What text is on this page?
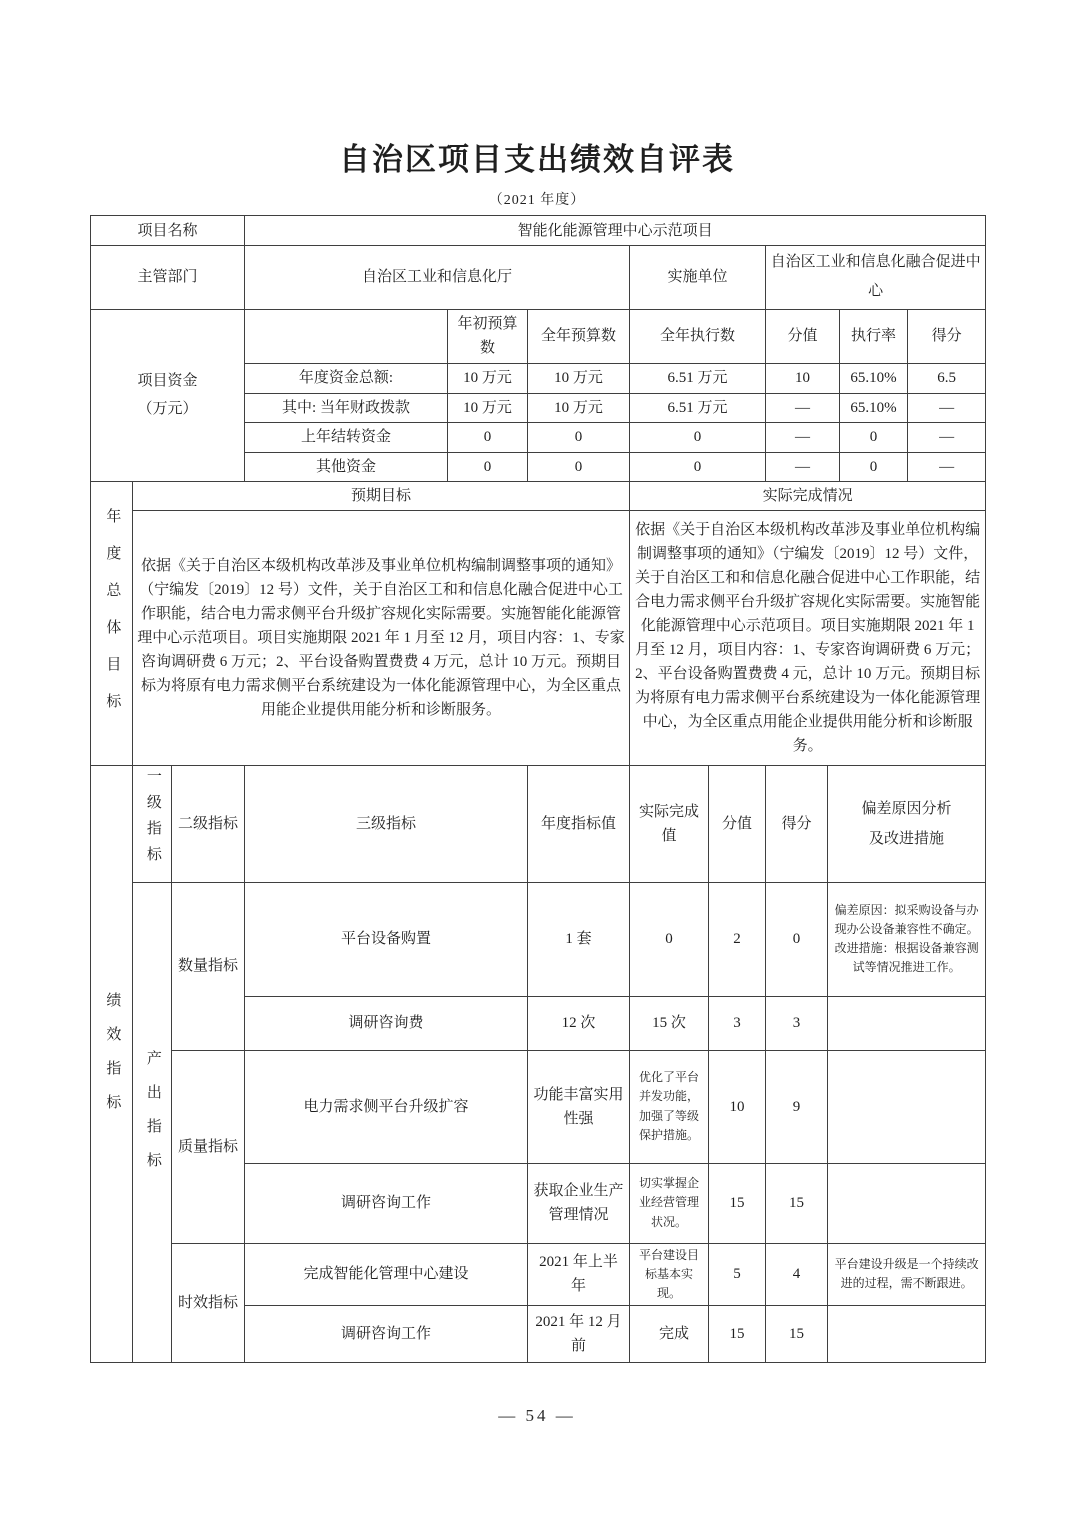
自治区项目支出绩效自评表
（2021 年度）
项目名称			智能化能源管理中心示范项目								
主管部门			自治区工业和信息化厅			实施单位		自治区工业和信息化融合促进中心			

项目资金（万元）				年初预算数	全年预算数	全年执行数		分值		执行率	得分
			年度资金总额:	10 万元	10 万元	6.51 万元		10		65.10%	6.5
			其中: 当年财政拨款	10 万元	10 万元	6.51 万元		—		65.10%	—
			上年结转资金	0	0	0		—		0	—
			其他资金	0	0	0		—		0	—
年度总体目标	预期目标					实际完成情况					
依据《关于自治区本级机构改革涉及事业单位机构编制调整事项的通知》（宁编发〔2019〕12 号）文件，关于自治区工和和信息化融合促进中心工作职能，结合电力需求侧平台升级扩容规化实际需要。实施智能化能源管理中心示范项目。项目实施期限 2021 年 1 月至 12 月，项目内容：1、专家咨询调研费 6 万元；2、平台设备购置费费 4 万元，总计 10 万元。预期目标为将原有电力需求侧平台系统建设为一体化能源管理中心，为全区重点用能企业提供用能分析和诊断服务。	依据《关于自治区本级机构改革涉及事业单位机构编制调整事项的通知》（宁编发〔2019〕12 号）文件，关于自治区工和和信息化融合促进中心工作职能，结合电力需求侧平台升级扩容规化实际需要。实施智能化能源管理中心示范项目。项目实施期限 2021 年 1 月至 12 月，项目内容：1、专家咨询调研费 6 万元； 2、平台设备购置费费 4 元，总计 10 万元。预期目标为将原有电力需求侧平台系统建设为一体化能源管理中心，为全区重点用能企业提供用能分析和诊断服务。
绩效指标	一级指标	二级指标	三级指标		年度指标值	实际完成值	分值	得分	偏差原因分析及改进措施		

	产出指标	数量指标	平台设备购置		1 套	0	2	0	偏差原因：拟采购设备与办现办公设备兼容性不确定。改进措施：根据设备兼容测试等情况推进工作。		
			调研咨询费		12 次	15 次	3	3			
		质量指标	电力需求侧平台升级扩容		功能丰富实用性强	优化了平台并发功能，加强了等级保护措施。	10	9			
			调研咨询工作		获取企业生产管理情况	切实掌握企业经营管理状况。	15	15			
		时效指标	完成智能化管理中心建设		2021 年上半年	平台建设目标基本实现。	5	4	平台建设升级是一个持续改进的过程，需不断跟进。		
			调研咨询工作		2021 年 12 月前	完成	15	15			
— 54 —
